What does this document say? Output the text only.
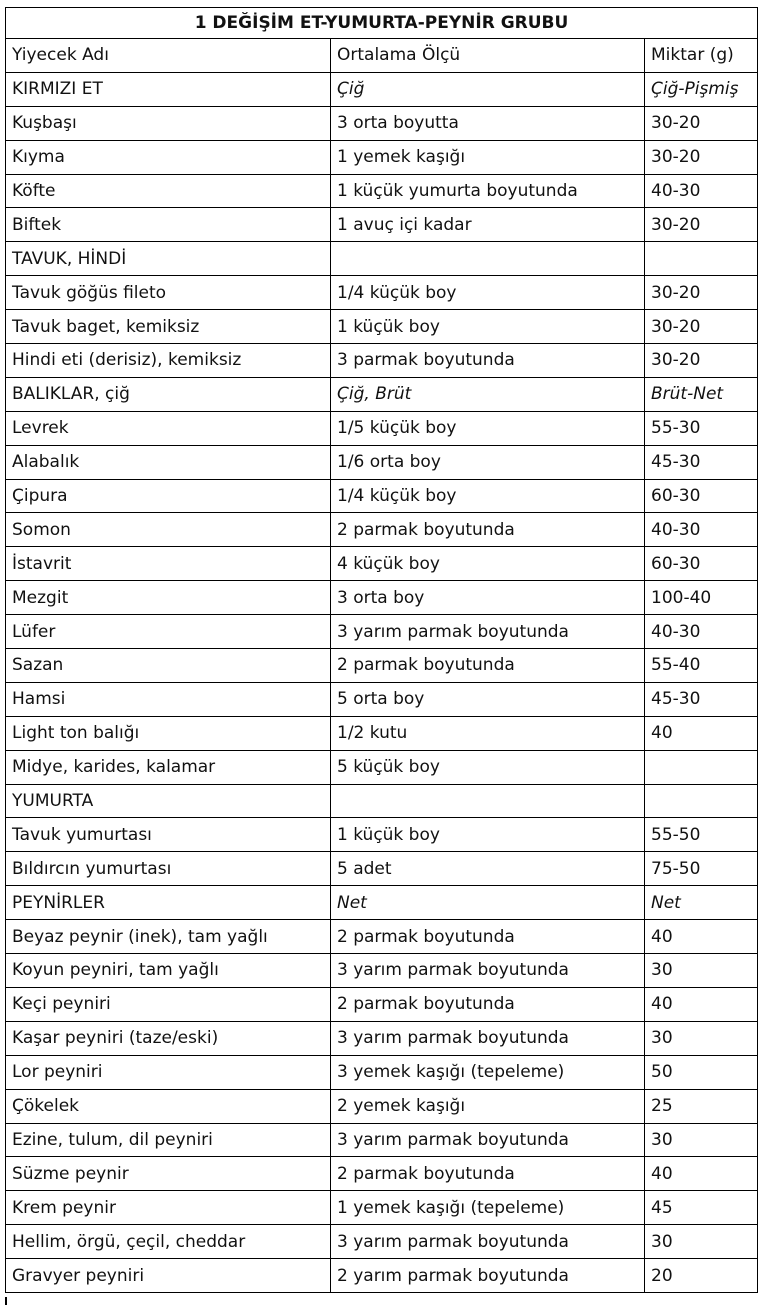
1 DEĞİŞİM ET-YUMURTA-PEYNİR GRUBU		
Yiyecek Adı	Ortalama Ölçü	Miktar (g)
KIRMIZI ET	Çiğ	Çiğ-Pişmiş
Kuşbaşı	3 orta boyutta	30-20
Kıyma	1 yemek kaşığı	30-20
Köfte	1 küçük yumurta boyutunda	40-30
Biftek	1 avuç içi kadar	30-20
TAVUK, HİNDİ		
Tavuk göğüs fileto	1/4 küçük boy	30-20
Tavuk baget, kemiksiz	1 küçük boy	30-20
Hindi eti (derisiz), kemiksiz	3 parmak boyutunda	30-20
BALIKLAR, çiğ	Çiğ, Brüt	Brüt-Net
Levrek	1/5 küçük boy	55-30
Alabalık	1/6 orta boy	45-30
Çipura	1/4 küçük boy	60-30
Somon	2 parmak boyutunda	40-30
İstavrit	4 küçük boy	60-30
Mezgit	3 orta boy	100-40
Lüfer	3 yarım parmak boyutunda	40-30
Sazan	2 parmak boyutunda	55-40
Hamsi	5 orta boy	45-30
Light ton balığı	1/2 kutu	40
Midye, karides, kalamar	5 küçük boy	
YUMURTA		
Tavuk yumurtası	1 küçük boy	55-50
Bıldırcın yumurtası	5 adet	75-50
PEYNİRLER	Net	Net
Beyaz peynir (inek), tam yağlı	2 parmak boyutunda	40
Koyun peyniri, tam yağlı	3 yarım parmak boyutunda	30
Keçi peyniri	2 parmak boyutunda	40
Kaşar peyniri (taze/eski)	3 yarım parmak boyutunda	30
Lor peyniri	3 yemek kaşığı (tepeleme)	50
Çökelek	2 yemek kaşığı	25
Ezine, tulum, dil peyniri	3 yarım parmak boyutunda	30
Süzme peynir	2 parmak boyutunda	40
Krem peynir	1 yemek kaşığı (tepeleme)	45
Hellim, örgü, çeçil, cheddar	3 yarım parmak boyutunda	30
Gravyer peyniri	2 yarım parmak boyutunda	20
